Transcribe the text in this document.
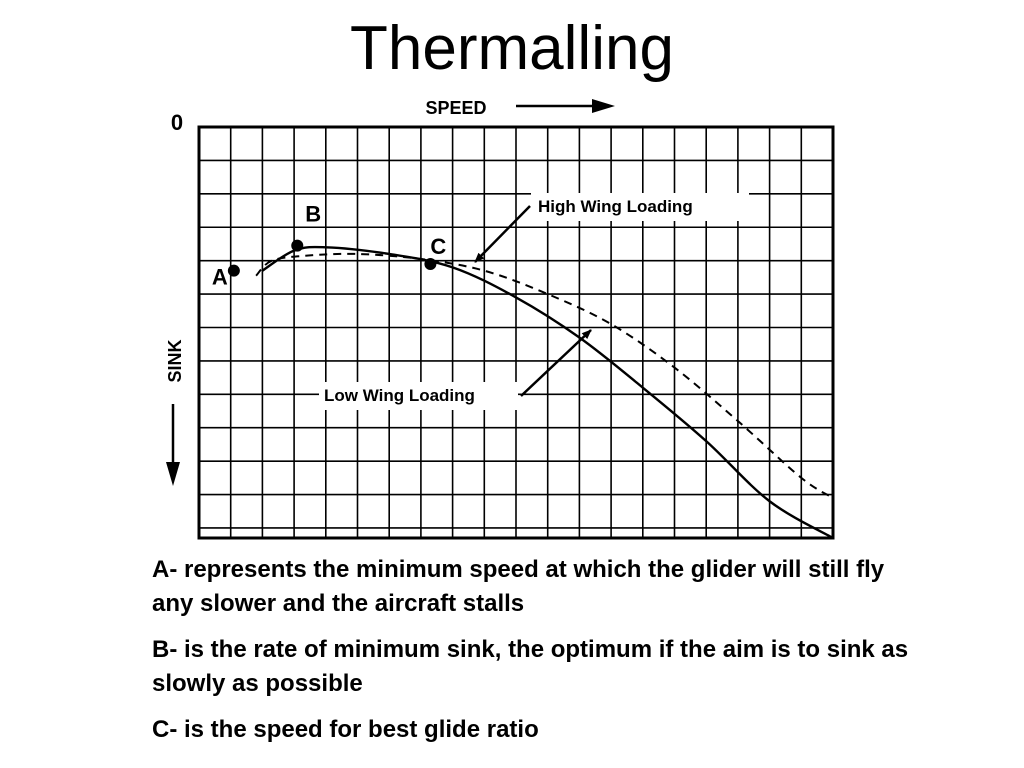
Thermalling
0
SPEED
SINK
A
B
C
High Wing Loading
Low Wing Loading

A- represents the minimum speed at which the glider will still fly any slower and the aircraft stalls

B- is the rate of minimum sink, the optimum if the aim is to sink as slowly as possible

C- is the speed for best glide ratio
